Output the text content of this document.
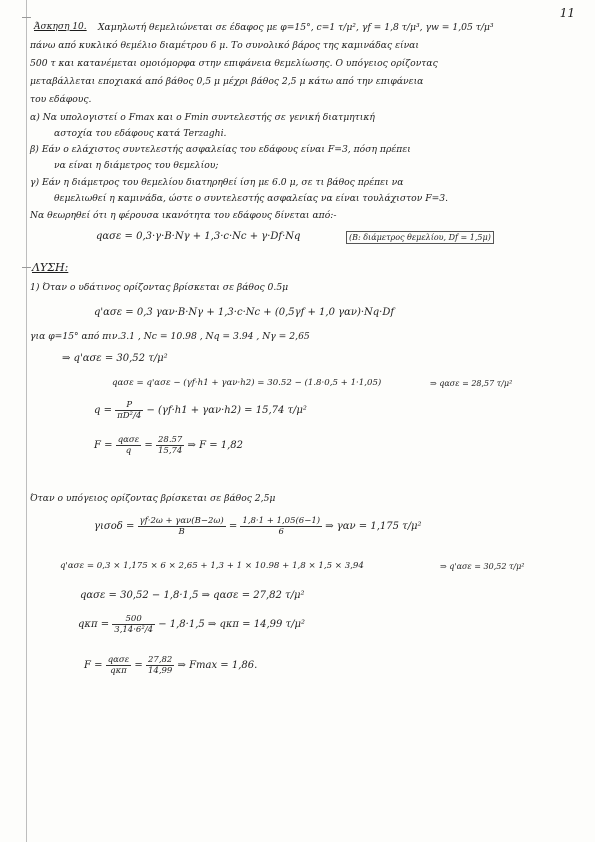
11
Άσκηση 10. Χαμηλωτή θεμελιώνεται σε έδαφος με φ=15°, c=1 τ/μ², γf = 1,8 τ/μ³, γw = 1,05 τ/μ³
πάνω από κυκλικό θεμέλιο διαμέτρου 6 μ. Το συνολικό βάρος της καμινάδας είναι
500 τ και κατανέμεται ομοιόμορφα στην επιφάνεια θεμελίωσης. Ο υπόγειος ορίζοντας
μεταβάλλεται εποχιακά από βάθος 0,5 μ μέχρι βάθος 2,5 μ κάτω από την επιφάνεια
του εδάφους.
α) Να υπολογιστεί ο Fmax και ο Fmin συντελεστής σε γενική διατμητική
αστοχία του εδάφους κατά Terzaghi.
β) Εάν ο ελάχιστος συντελεστής ασφαλείας του εδάφους είναι F=3, πόση πρέπει
να είναι η διάμετρος του θεμελίου;
γ) Εάν η διάμετρος του θεμελίου διατηρηθεί ίση με 6.0 μ, σε τι βάθος πρέπει να
θεμελιωθεί η καμινάδα, ώστε ο συντελεστής ασφαλείας να είναι τουλάχιστον F=3.
Να θεωρηθεί ότι η φέρουσα ικανότητα του εδάφους δίνεται από:-
qασε = 0,3·γ·B·Nγ + 1,3·c·Nc + γ·Df·Nq	(B: διάμετρος θεμελίου, Df = 1,5μ)
ΛΥΣΗ:
1) Όταν ο υδάτινος ορίζοντας βρίσκεται σε βάθος 0.5μ
q'ασε = 0,3 γαν·B·Nγ + 1,3·c·Nc + (0,5γf + 1,0 γαν)·Nq·Df
για φ=15° από πιν.3.1 , Nc = 10.98 , Nq = 3.94 , Nγ = 2,65
⇒ q'ασε = 30,52 τ/μ²
qασε = q'ασε − (γf·h1 + γαν·h2) = 30.52 − (1.8·0,5 + 1·1,05)	⇒ qασε = 28,57 τ/μ²
$q = \frac{P}{\text{πD²/4}} - (\gamma f\cdot h1 + \gamma\alpha\nu\cdot h2) = 15,74$ τ/μ²
$F = \frac{\text{qασε}}{q} = \frac{28.57}{15,74}$ ⇒ F = 1,82
Όταν ο υπόγειος ορίζοντας βρίσκεται σε βάθος 2,5μ
$\gamma\iota\sigma o\delta = \frac{\text{γf·2ω + γαν(B−2ω)}}{B} = \frac{1,8\cdot 1 + 1,05(6-1)}{6}$ ⇒ γαν = 1,175 τ/μ²
q'ασε = 0,3 × 1,175 × 6 × 2,65 + 1,3 + 1 × 10.98 + 1,8 × 1,5 × 3,94	⇒ q'ασε = 30,52 τ/μ²
qασε = 30,52 − 1,8·1,5 ⇒ qασε = 27,82 τ/μ²
$q\kappa\pi = \frac{500}{\text{3,14·6²/4}} - 1,8\cdot 1,5$ ⇒ qκπ = 14,99 τ/μ²
$F = \frac{\text{qασε}}{\text{qκπ}} = \frac{27,82}{14,99}$ ⇒ Fmax = 1,86.
